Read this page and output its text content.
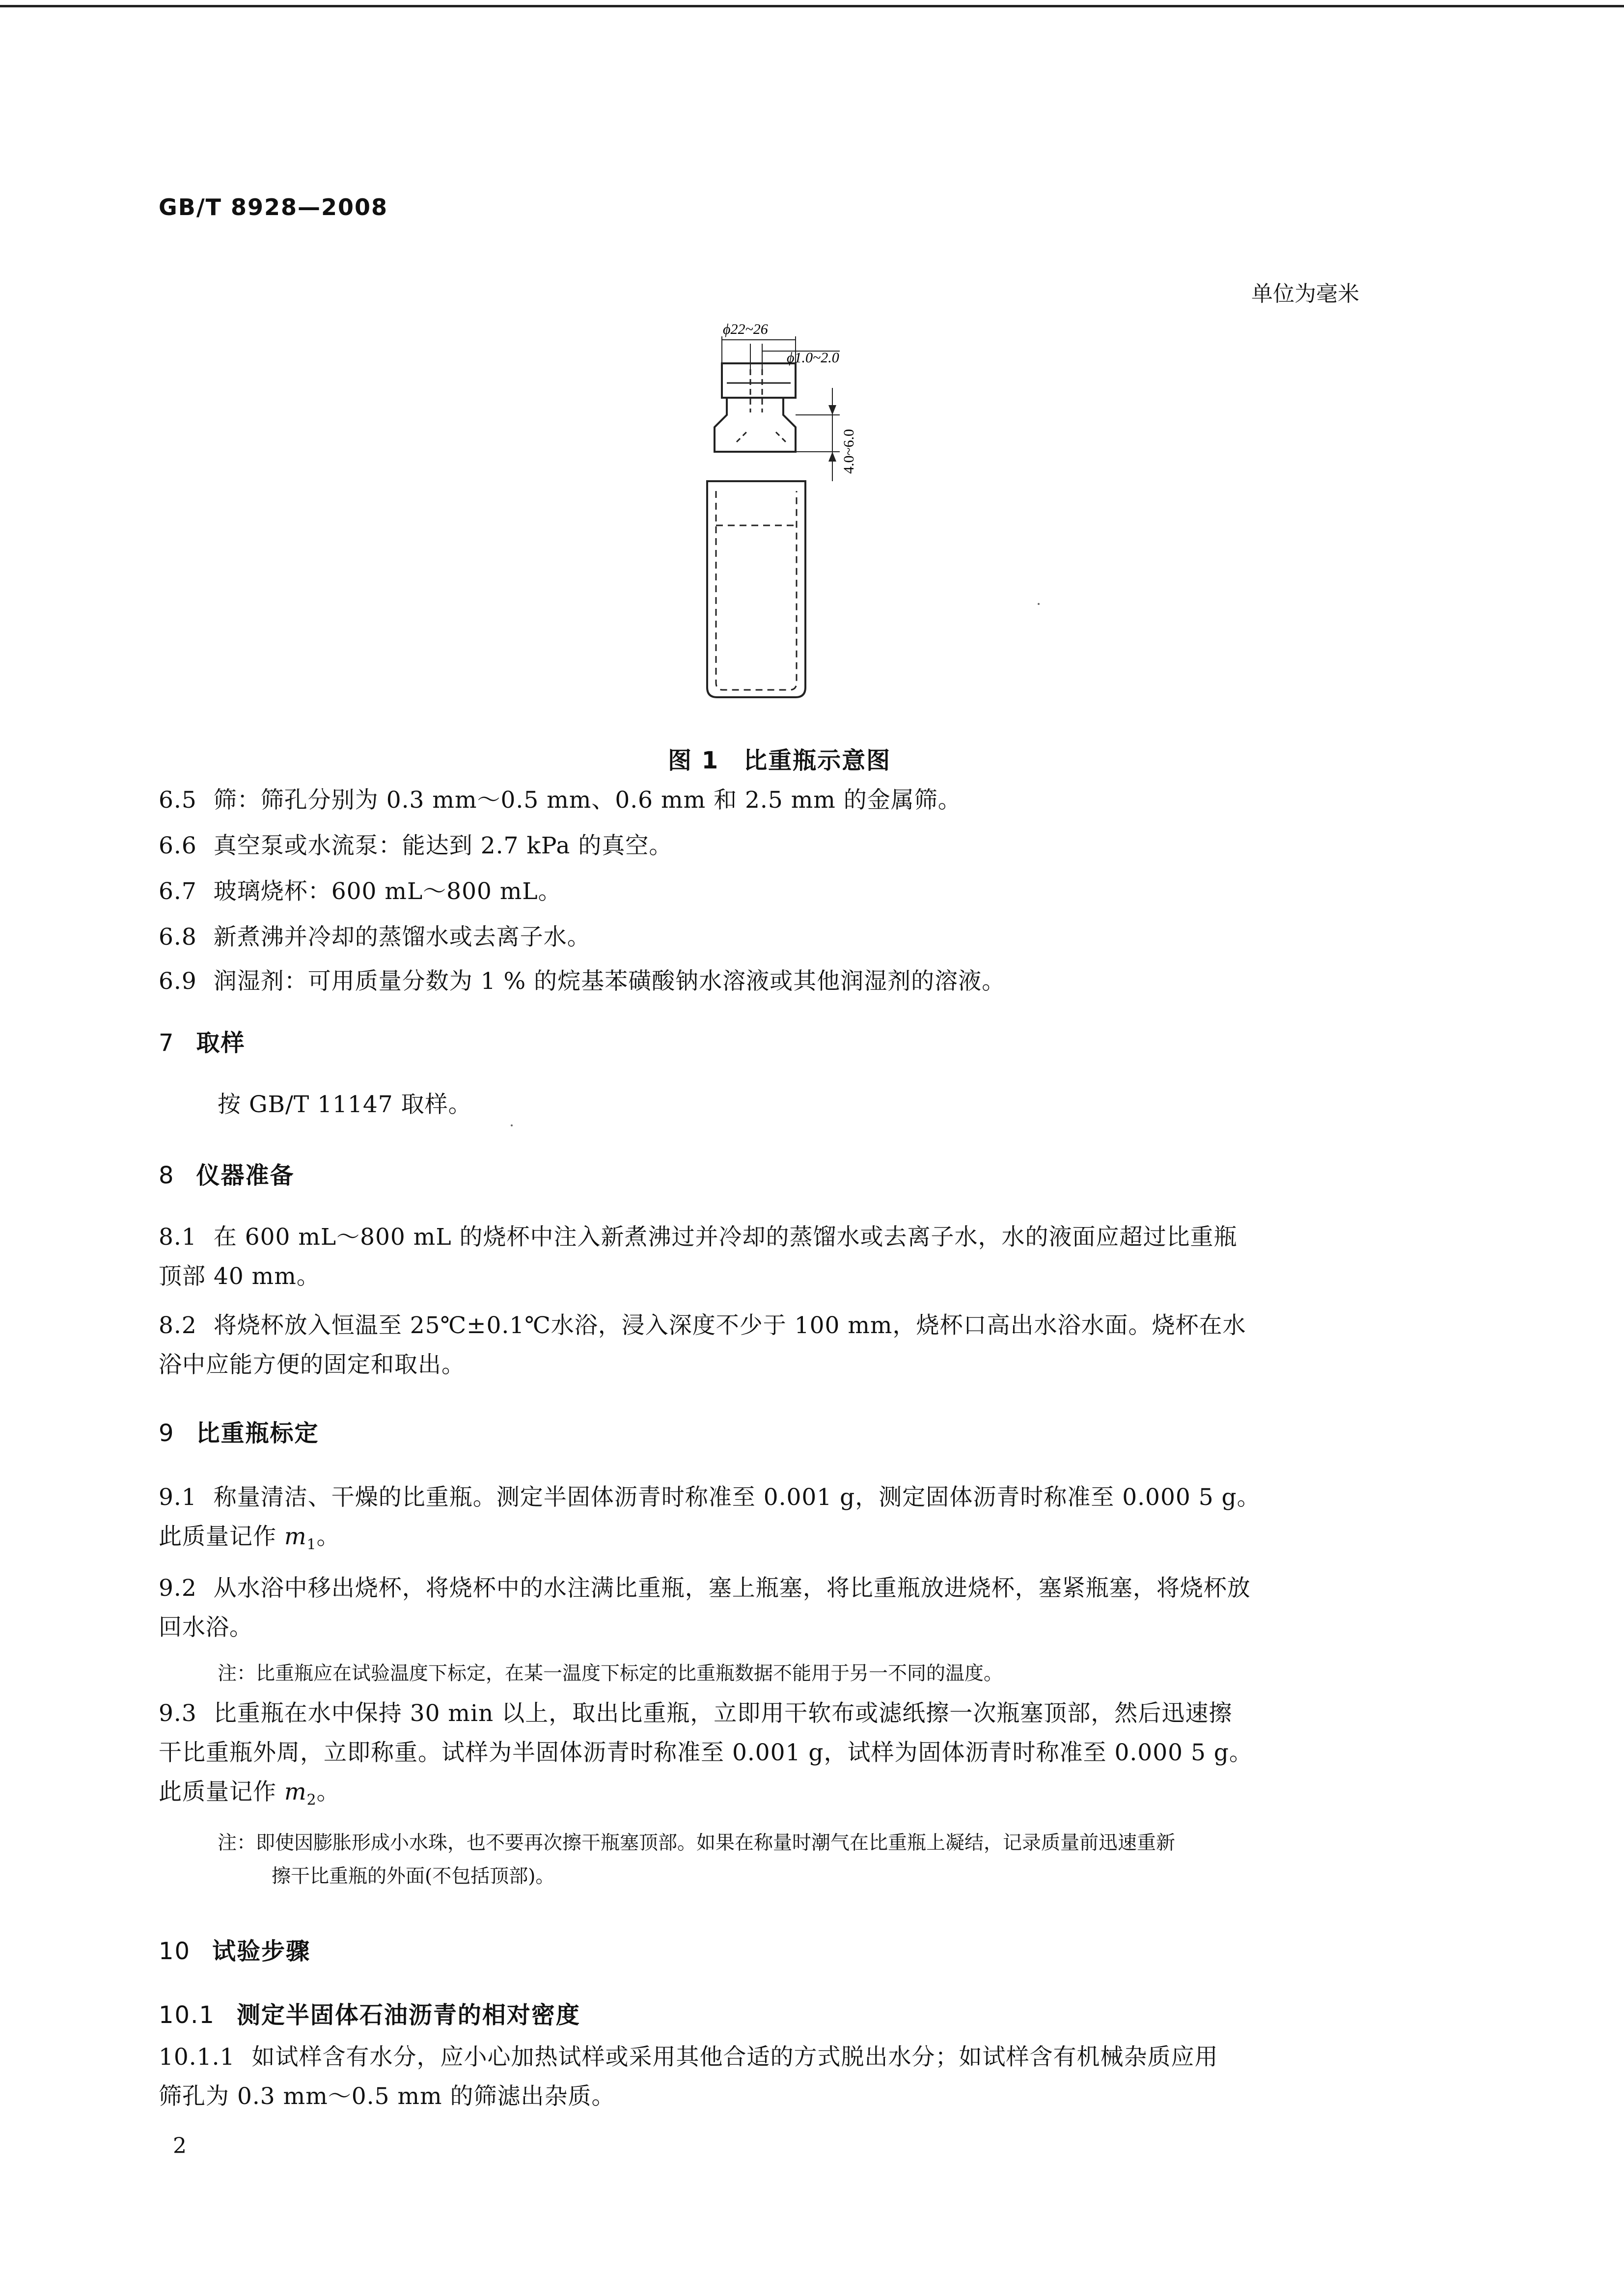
GB/T 8928—2008
单位为毫米
ϕ22~26
ϕ1.0~2.0
4.0~6.0
图 1　比重瓶示意图
6.5 筛：筛孔分别为 0.3 mm～0.5 mm、0.6 mm 和 2.5 mm 的金属筛。
6.6 真空泵或水流泵：能达到 2.7 kPa 的真空。
6.7 玻璃烧杯：600 mL～800 mL。
6.8 新煮沸并冷却的蒸馏水或去离子水。
6.9 润湿剂：可用质量分数为 1 % 的烷基苯磺酸钠水溶液或其他润湿剂的溶液。
7 取样
按 GB/T 11147 取样。
8 仪器准备
8.1 在 600 mL～800 mL 的烧杯中注入新煮沸过并冷却的蒸馏水或去离子水，水的液面应超过比重瓶
顶部 40 mm。
8.2 将烧杯放入恒温至 25℃±0.1℃水浴，浸入深度不少于 100 mm，烧杯口高出水浴水面。烧杯在水
浴中应能方便的固定和取出。
9 比重瓶标定
9.1 称量清洁、干燥的比重瓶。测定半固体沥青时称准至 0.001 g，测定固体沥青时称准至 0.000 5 g。
此质量记作 $m_1$。
9.2 从水浴中移出烧杯，将烧杯中的水注满比重瓶，塞上瓶塞，将比重瓶放进烧杯，塞紧瓶塞，将烧杯放
回水浴。
注：比重瓶应在试验温度下标定，在某一温度下标定的比重瓶数据不能用于另一不同的温度。
9.3 比重瓶在水中保持 30 min 以上，取出比重瓶，立即用干软布或滤纸擦一次瓶塞顶部，然后迅速擦
干比重瓶外周，立即称重。试样为半固体沥青时称准至 0.001 g，试样为固体沥青时称准至 0.000 5 g。
此质量记作 $m_2$。
注：即使因膨胀形成小水珠，也不要再次擦干瓶塞顶部。如果在称量时潮气在比重瓶上凝结，记录质量前迅速重新
擦干比重瓶的外面(不包括顶部)。
10 试验步骤
10.1 测定半固体石油沥青的相对密度
10.1.1 如试样含有水分，应小心加热试样或采用其他合适的方式脱出水分；如试样含有机械杂质应用
筛孔为 0.3 mm～0.5 mm 的筛滤出杂质。
2
